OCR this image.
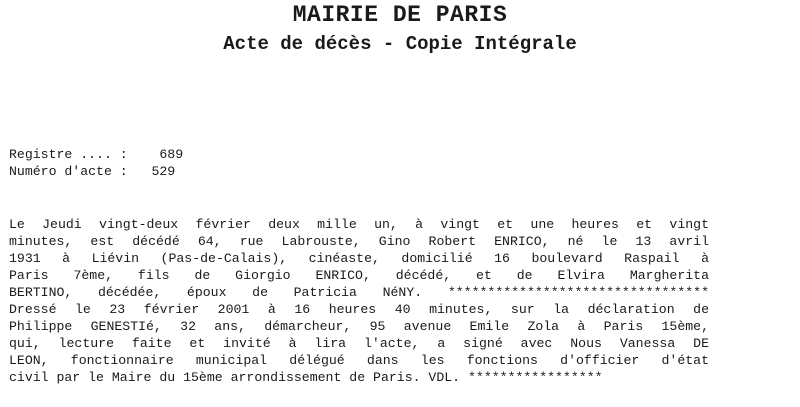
MAIRIE DE PARIS
Acte de décès - Copie Intégrale
Registre .... : 689
Numéro d'acte : 529
Le Jeudi vingt-deux février deux mille un, à vingt et une heures et vingt
minutes, est décédé 64, rue Labrouste, Gino Robert ENRICO, né le 13 avril
1931 à Liévin (Pas-de-Calais), cinéaste, domicilié 16 boulevard Raspail à
Paris 7ème, fils de Giorgio ENRICO, décédé, et de Elvira Margherita
BERTINO, décédée, époux de Patricia NéNY. *********************************
Dressé le 23 février 2001 à 16 heures 40 minutes, sur la déclaration de
Philippe GENESTIé, 32 ans, démarcheur, 95 avenue Emile Zola à Paris 15ème,
qui, lecture faite et invité à lira l'acte, a signé avec Nous Vanessa DE
LEON, fonctionnaire municipal délégué dans les fonctions d'officier d'état
civil par le Maire du 15ème arrondissement de Paris. VDL. *****************
